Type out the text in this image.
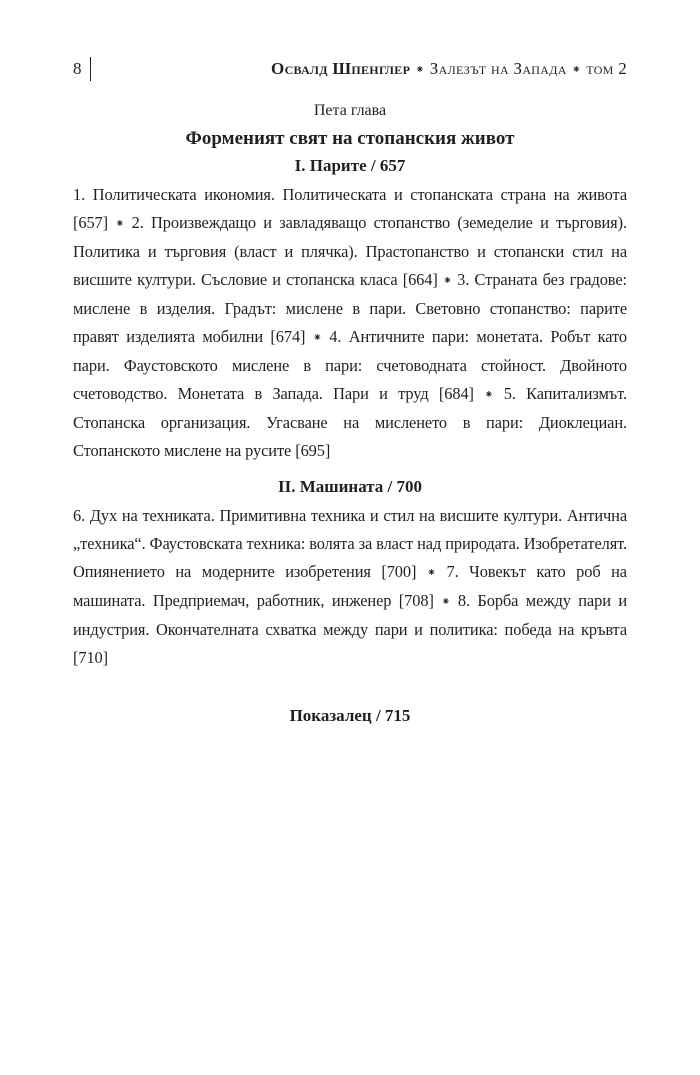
8	Освалд Шпенглер ⁕ Залезът на Запада ⁕ том 2
Пета глава
Форменият свят на стопанския живот
I. Парите / 657
1. Политическата икономия. Политическата и стопанската страна на живота [657] ⁕ 2. Произвеждащо и завладяващо стопанство (земеделие и търговия). Политика и търговия (власт и плячка). Прастопанство и стопански стил на висшите култури. Съсловие и стопанска класа [664] ⁕ 3. Страната без градове: мислене в изделия. Градът: мислене в пари. Световно стопанство: парите правят изделията мобилни [674] ⁕ 4. Античните пари: монетата. Робът като пари. Фаустовското мислене в пари: счетоводната стойност. Двойното счетоводство. Монетата в Запада. Пари и труд [684] ⁕ 5. Капитализмът. Стопанска организация. Угасване на мисленето в пари: Диоклециан. Стопанското мислене на русите [695]
II. Машината / 700
6. Дух на техниката. Примитивна техника и стил на висшите култури. Антична „техника“. Фаустовската техника: волята за власт над природата. Изобретателят. Опиянението на модерните изобретения [700] ⁕ 7. Човекът като роб на машината. Предприемач, работник, инженер [708] ⁕ 8. Борба между пари и индустрия. Окончателната схватка между пари и политика: победа на кръвта [710]
Показалец / 715
